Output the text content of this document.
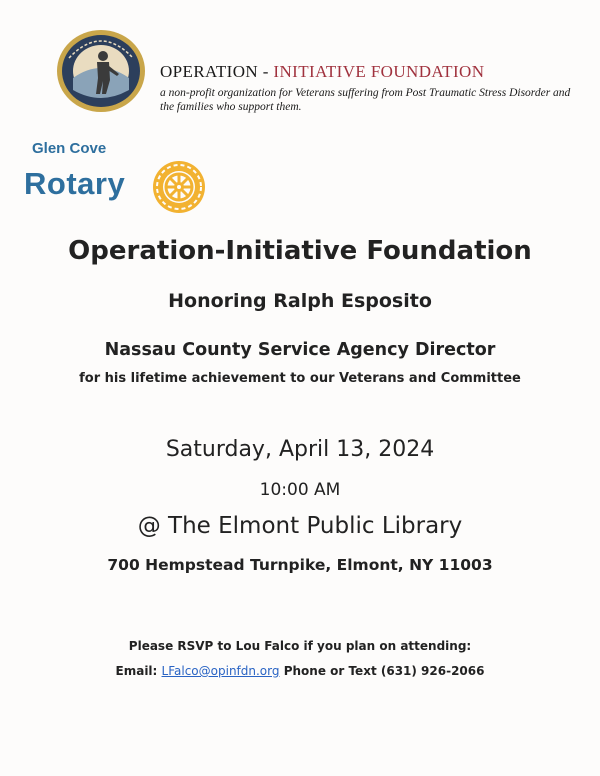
OPERATION - INITIATIVE FOUNDATION
a non-profit organization for Veterans suffering from Post Traumatic Stress Disorder and the families who support them.
Glen Cove
Rotary
Operation-Initiative Foundation
Honoring Ralph Esposito
Nassau County Service Agency Director
for his lifetime achievement to our Veterans and Committee
Saturday, April 13, 2024
10:00 AM
@ The Elmont Public Library
700 Hempstead Turnpike, Elmont, NY 11003
Please RSVP to Lou Falco if you plan on attending:
Email: LFalco@opinfdn.org Phone or Text (631) 926-2066
